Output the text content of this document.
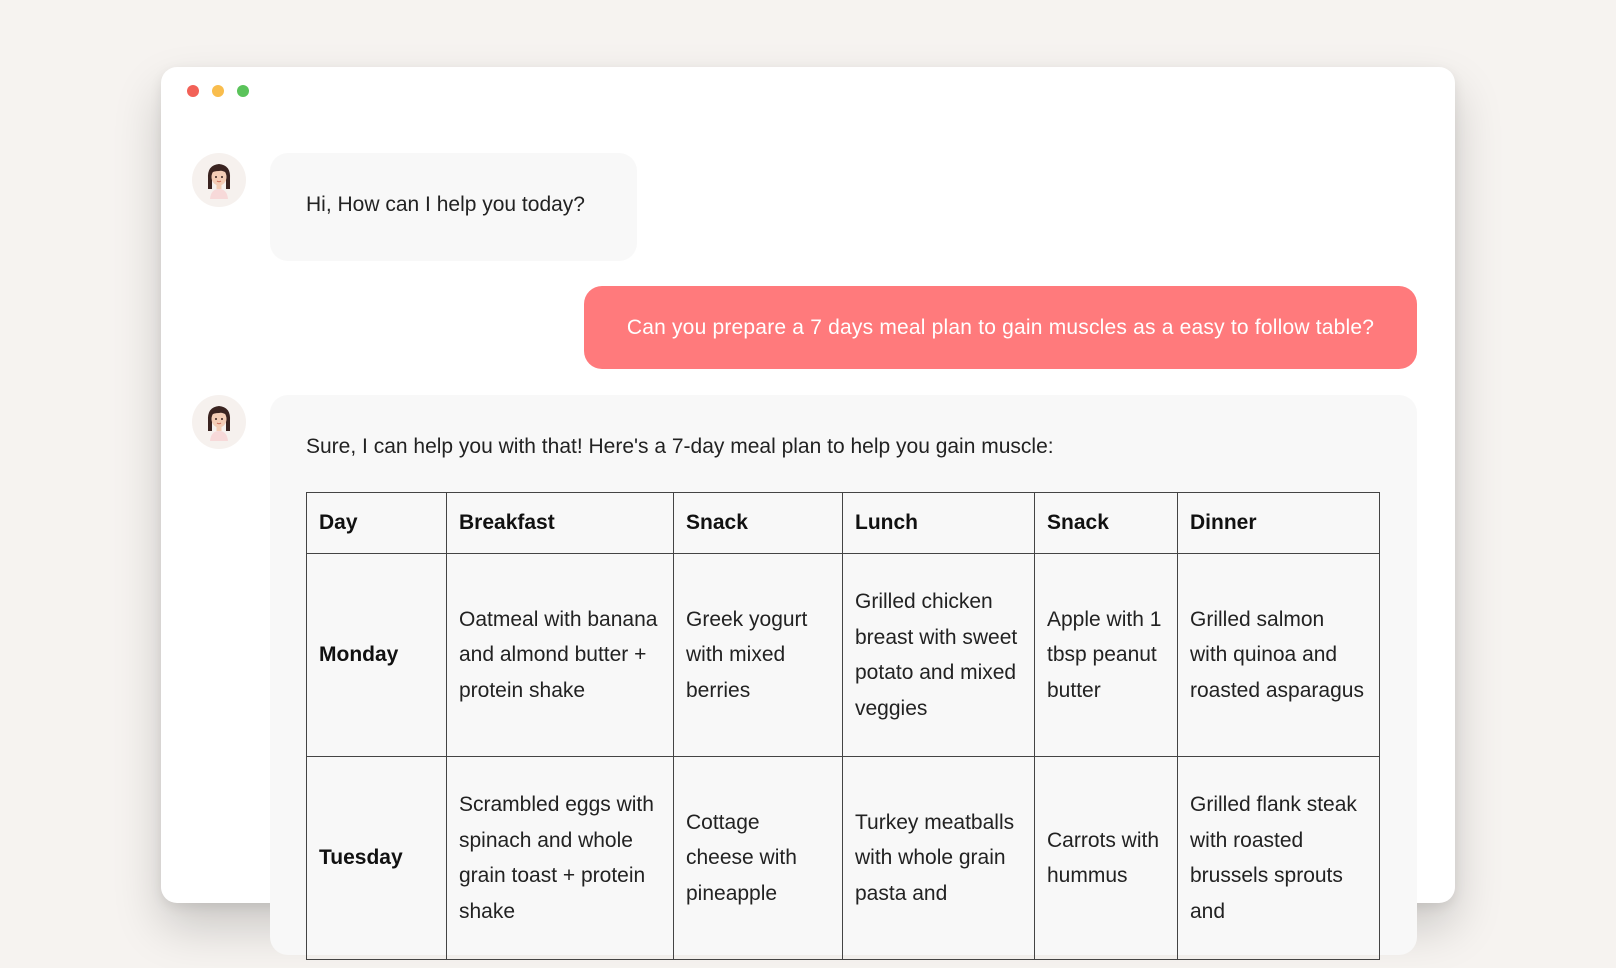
Hi, How can I help you today?
Can you prepare a 7 days meal plan to gain muscles as a easy to follow table?
Sure, I can help you with that! Here's a 7-day meal plan to help you gain muscle:
Day	Breakfast	Snack	Lunch	Snack	Dinner
Monday	Oatmeal with banana and almond butter + protein shake	Greek yogurt with mixed berries	Grilled chicken breast with sweet potato and mixed veggies	Apple with 1 tbsp peanut butter	Grilled salmon with quinoa and roasted asparagus
Tuesday	Scrambled eggs with spinach and whole grain toast + protein shake	Cottage cheese with pineapple	Turkey meatballs with whole grain pasta and	Carrots with hummus	Grilled flank steak with roasted brussels sprouts and
